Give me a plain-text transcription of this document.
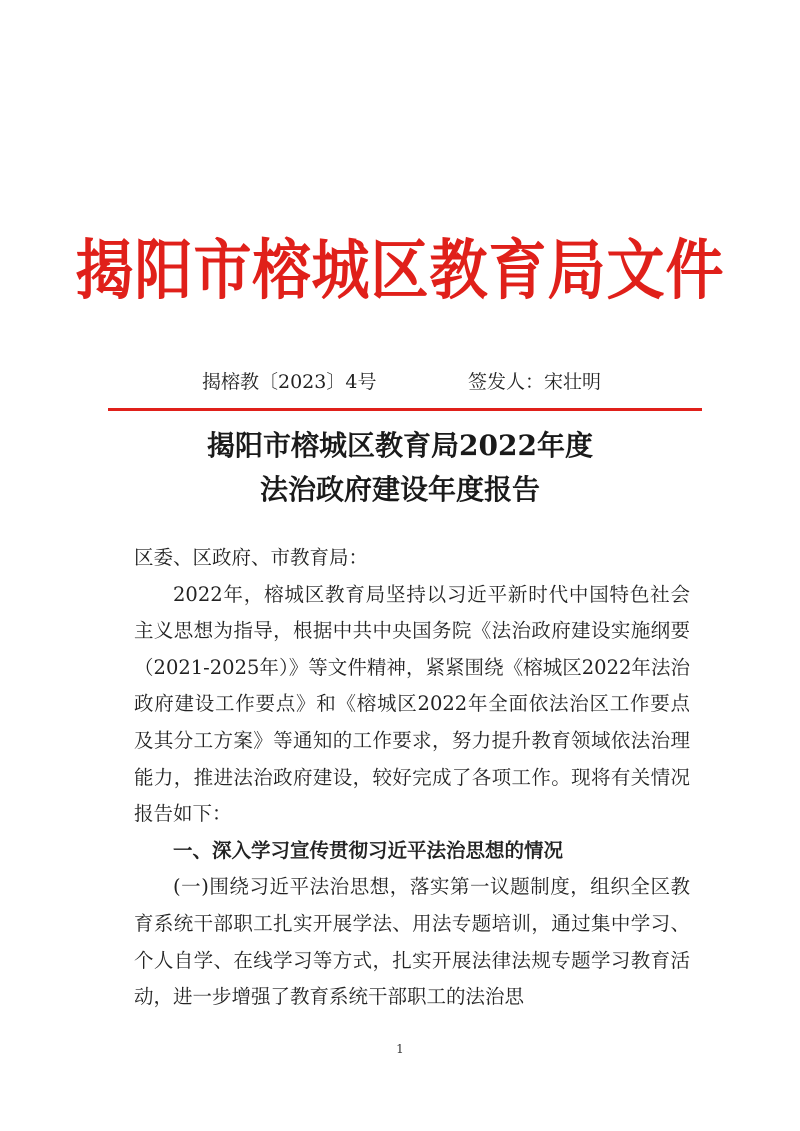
揭阳市榕城区教育局文件
揭榕教〔2023〕4号	签发人：宋壮明
揭阳市榕城区教育局2022年度
法治政府建设年度报告

区委、区政府、市教育局：

2022年，榕城区教育局坚持以习近平新时代中国特色社会主义思想为指导，根据中共中央国务院《法治政府建设实施纲要（2021-2025年）》等文件精神，紧紧围绕《榕城区2022年法治政府建设工作要点》和《榕城区2022年全面依法治区工作要点及其分工方案》等通知的工作要求，努力提升教育领域依法治理能力，推进法治政府建设，较好完成了各项工作。现将有关情况报告如下：

一、深入学习宣传贯彻习近平法治思想的情况

(一)围绕习近平法治思想，落实第一议题制度，组织全区教育系统干部职工扎实开展学法、用法专题培训，通过集中学习、个人自学、在线学习等方式，扎实开展法律法规专题学习教育活动，进一步增强了教育系统干部职工的法治思

1
